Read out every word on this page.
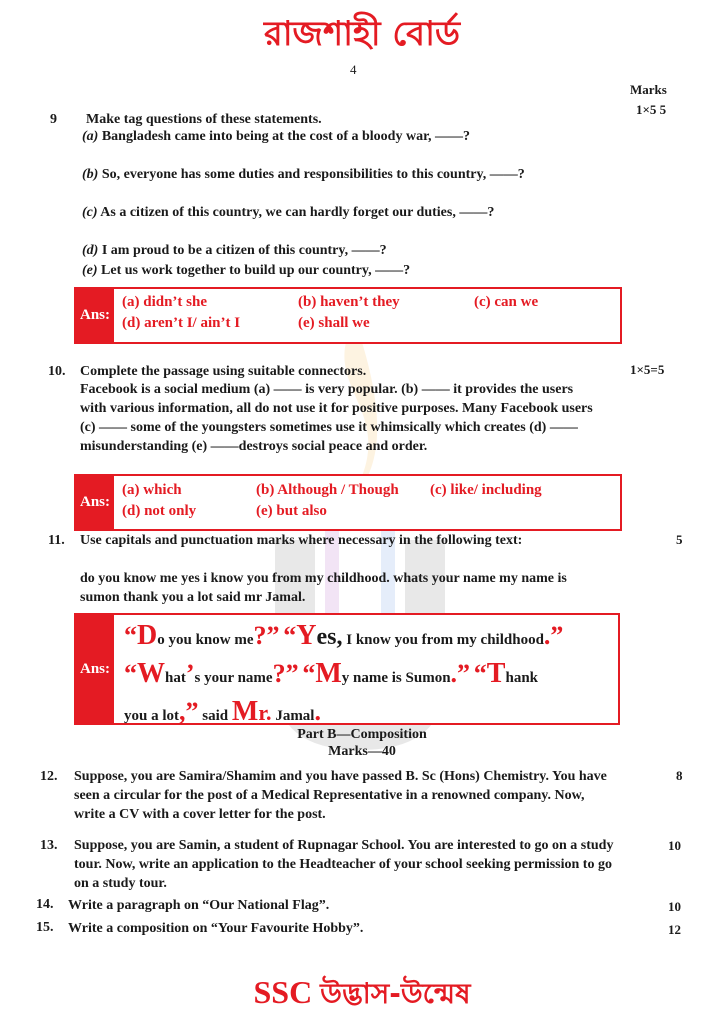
রাজশাহী বোর্ড
4
Marks
1×5 5
9 Make tag questions of these statements.
(a) Bangladesh came into being at the cost of a bloody war, ——?
(b) So, everyone has some duties and responsibilities to this country, ——?
(c) As a citizen of this country, we can hardly forget our duties, ——?
(d) I am proud to be a citizen of this country, ——?
(e) Let us work together to build up our country, ——?
Ans:
(a) didn’t she	(b) haven’t they	(c) can we
(d) aren’t I/ ain’t I	(e) shall we
10.	1×5=5
Complete the passage using suitable connectors.
Facebook is a social medium (a) —— is very popular. (b) —— it provides the users with various information, all do not use it for positive purposes. Many Facebook users (c) —— some of the youngsters sometimes use it whimsically which creates (d) —— misunderstanding (e) ——destroys social peace and order.
Ans:
(a) which	(b) Although / Though (c) like/ including
(d) not only	(e) but also
11.	5
Use capitals and punctuation marks where necessary in the following text:
do you know me yes i know you from my childhood. whats your name my name is sumon thank you a lot said mr Jamal.
Ans:
“Do you know me?” “Yes, I know you from my childhood.”
“What’s your name?” “My name is Sumon.” “Thank
you a lot,” said Mr. Jamal.
Part B—Composition
Marks—40
12.	8
Suppose, you are Samira/Shamim and you have passed B. Sc (Hons) Chemistry. You have seen a circular for the post of a Medical Representative in a renowned company. Now, write a CV with a cover letter for the post.
13.	10
Suppose, you are Samin, a student of Rupnagar School. You are interested to go on a study tour. Now, write an application to the Headteacher of your school seeking permission to go on a study tour.
14.	10
Write a paragraph on “Our National Flag”.
15.	12
Write a composition on “Your Favourite Hobby”.
SSC উদ্ভাস-উন্মেষ
